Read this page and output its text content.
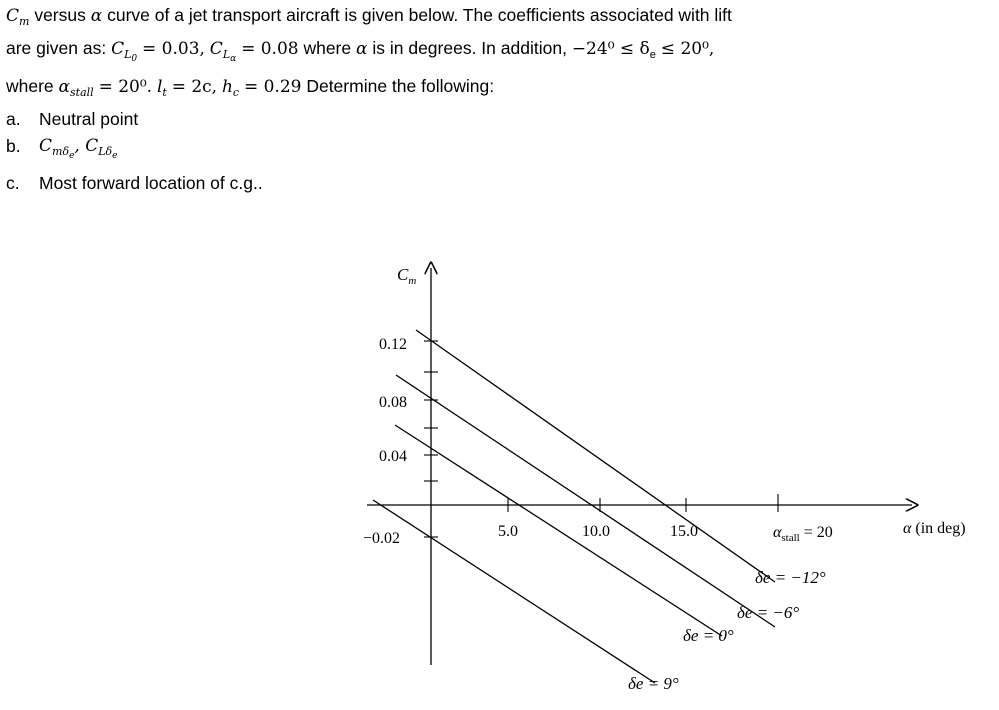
$C_m$ versus α curve of a jet transport aircraft is given below. The coefficients associated with lift
are given as: $C_{L_0} = 0.03$, $C_{L_\alpha} = 0.08$ where α is in degrees. In addition, $-24^0 \le \delta_e \le 20^0$,
where $\alpha_{stall} = 20^0$. $l_t = 2c$, $h_c = 0.29$ Determine the following:
a.	Neutral point
b.	$C_{m\delta_e}$, $C_{L\delta_e}$
c.	Most forward location of c.g..
$C_m$
0.12
0.08
0.04
−0.02	5.0	10.0	15.0	$\alpha_{stall} = 20$	α (in deg)
δe = −12°
δe = −6°
δe = 0°
δe = 9°
